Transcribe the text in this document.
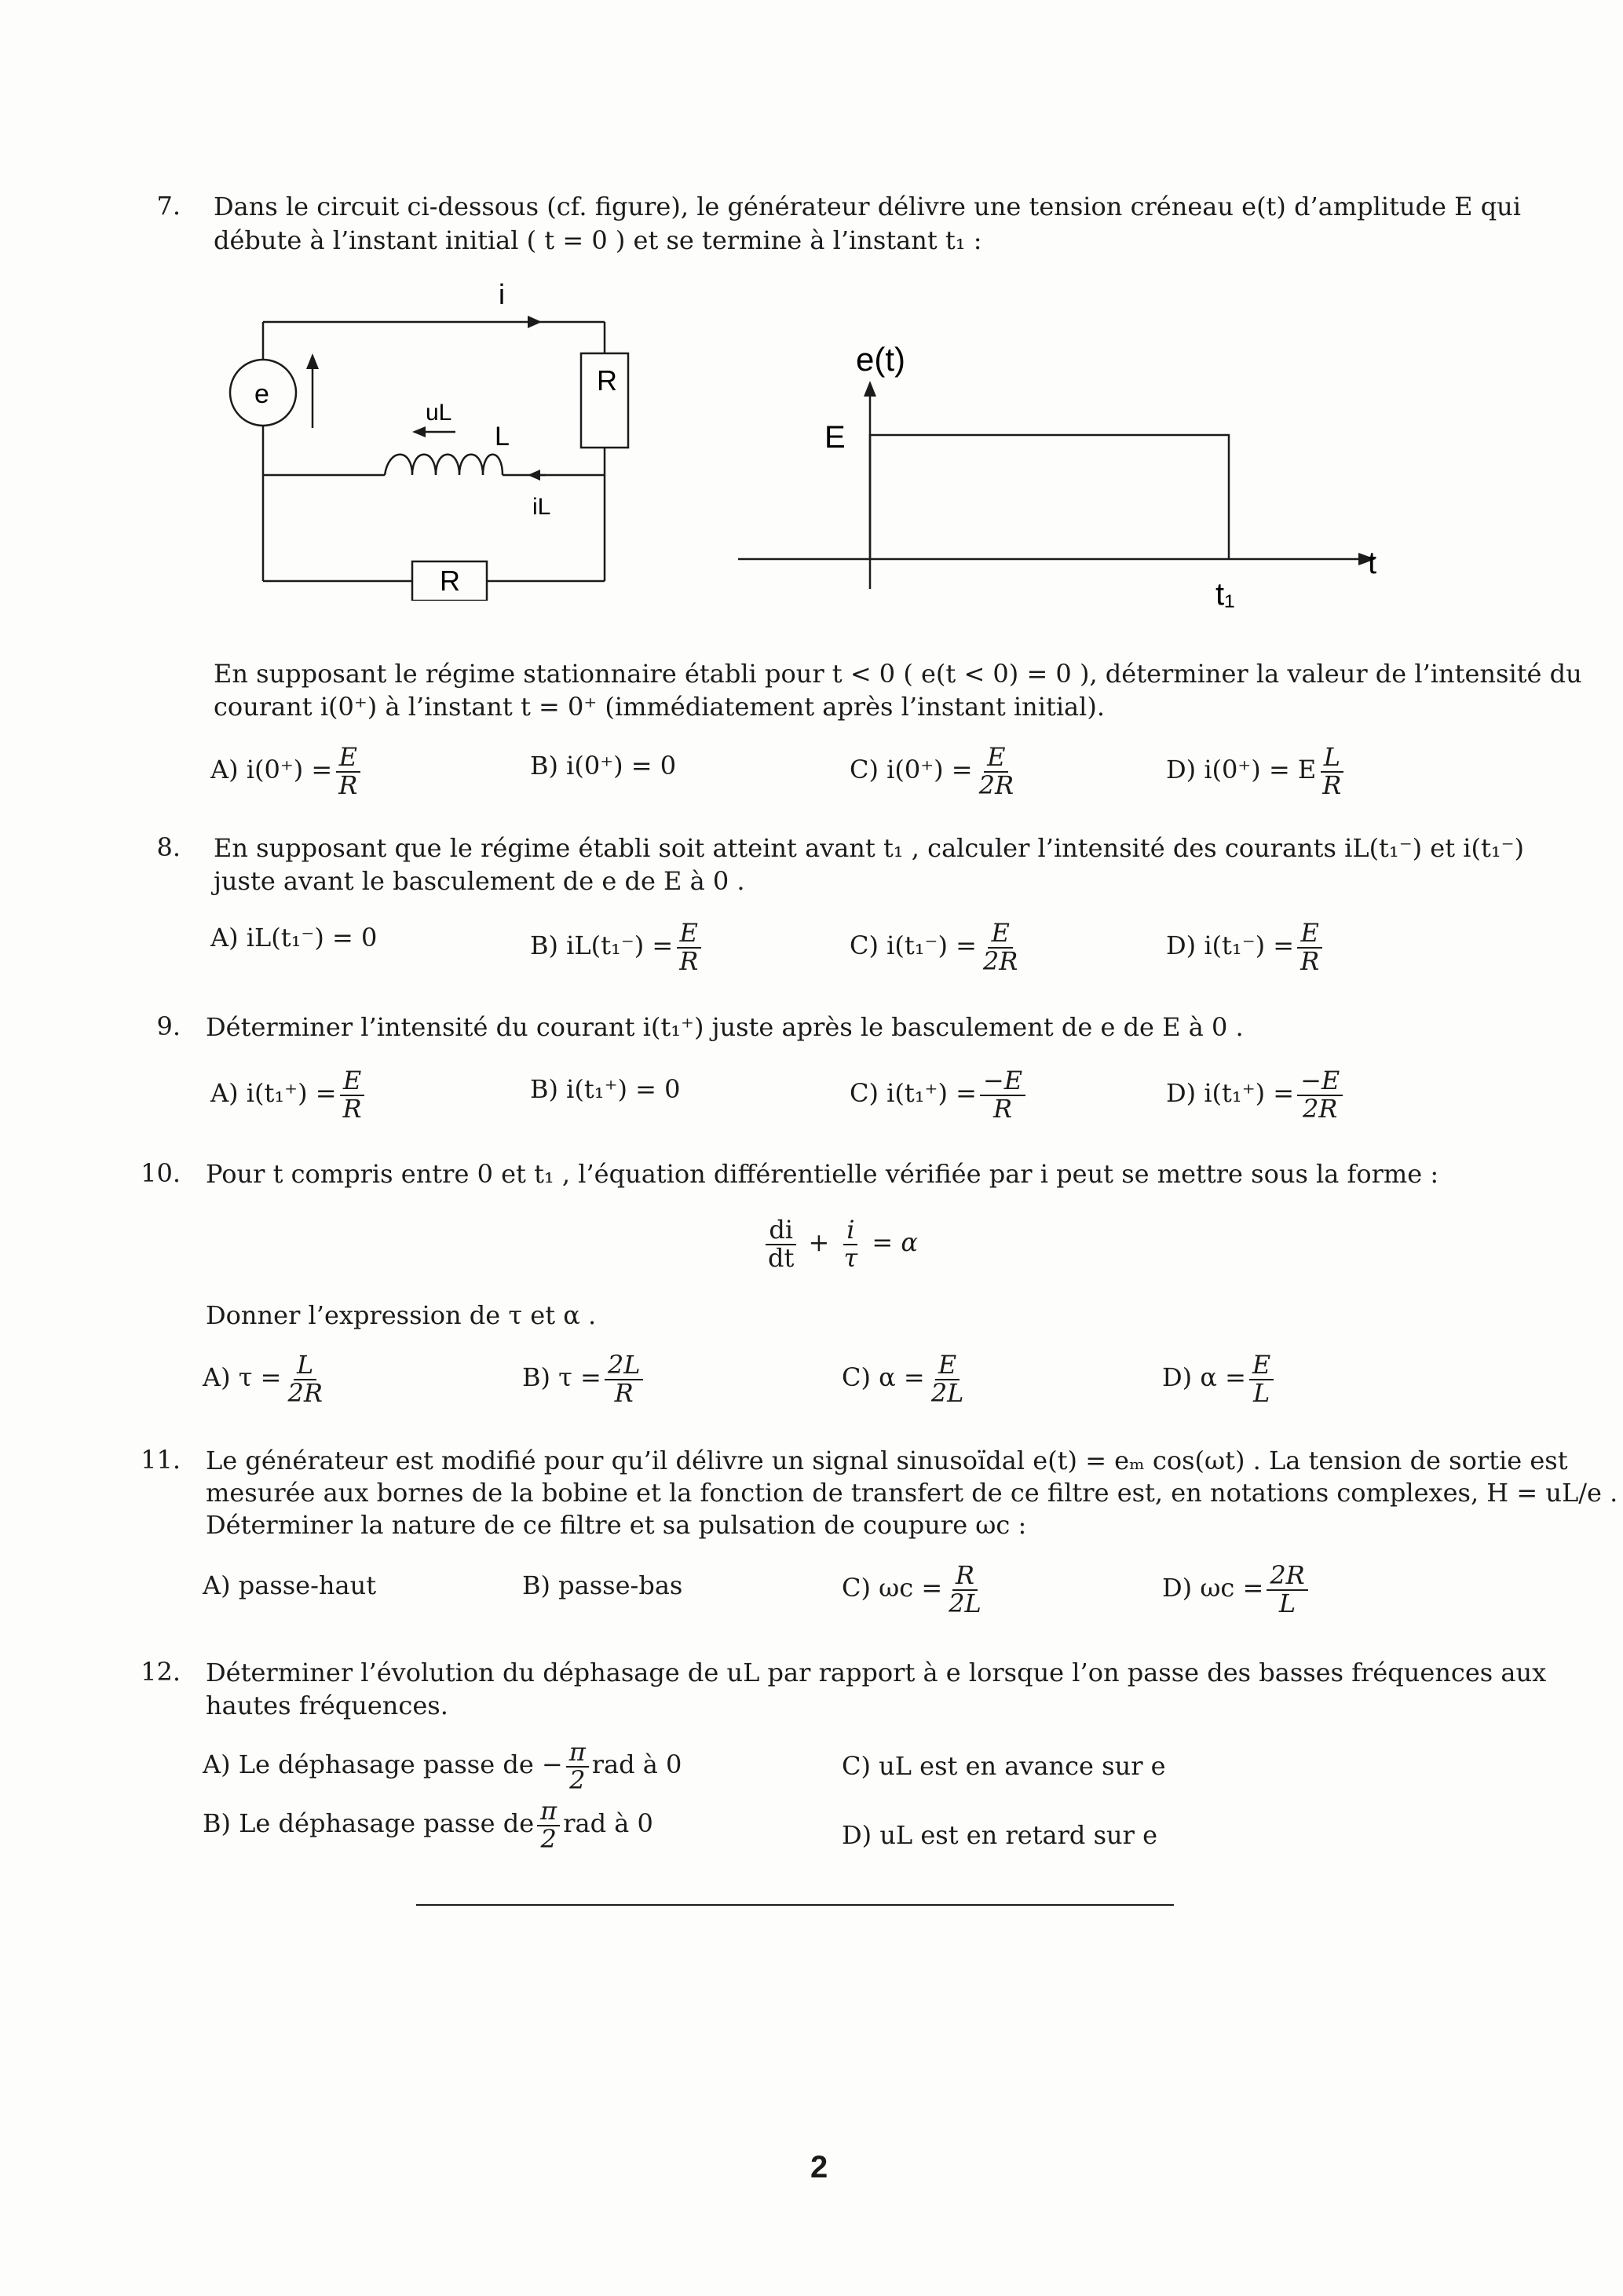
7. Dans le circuit ci-dessous (cf. figure), le générateur délivre une tension créneau e(t) d’amplitude E qui
débute à l’instant initial ( t = 0 ) et se termine à l’instant t₁ :
i
e
uL
L
iL
R
R
e(t)
E
t
t₁
En supposant le régime stationnaire établi pour t < 0 ( e(t < 0) = 0 ), déterminer la valeur de l’intensité du
courant i(0⁺) à l’instant t = 0⁺ (immédiatement après l’instant initial).
A) $i(0^+) = \frac{E}{R}$	B) i(0⁺) = 0	C) $i(0^+) = \frac{E}{2R}$	D) i(0⁺) = E $\frac{L}{R}$
8. En supposant que le régime établi soit atteint avant t₁ , calculer l’intensité des courants iL(t₁⁻) et i(t₁⁻)
juste avant le basculement de e de E à 0 .
A) iL(t₁⁻) = 0	B) $iL(t_1^-) = \frac{E}{R}$	C) $i(t_1^-) = \frac{E}{2R}$	D) $i(t_1^-) = \frac{E}{R}$
9. Déterminer l’intensité du courant i(t₁⁺) juste après le basculement de e de E à 0 .
A) $i(t_1^+) = \frac{E}{R}$	B) i(t₁⁺) = 0	C) $i(t_1^+) = \frac{-E}{R}$	D) $i(t_1^+) = \frac{-E}{2R}$
10. Pour t compris entre 0 et t₁ , l’équation différentielle vérifiée par i peut se mettre sous la forme :
$\frac{di}{dt} + \frac{i}{\tau} = \alpha$
Donner l’expression de τ et α .
A) $\tau = \frac{L}{2R}$	B) $\tau = \frac{2L}{R}$	C) $\alpha = \frac{E}{2L}$	D) $\alpha = \frac{E}{L}$
11. Le générateur est modifié pour qu’il délivre un signal sinusoïdal e(t) = eₘ cos(ωt) . La tension de sortie est
mesurée aux bornes de la bobine et la fonction de transfert de ce filtre est, en notations complexes, H = uL/e .
Déterminer la nature de ce filtre et sa pulsation de coupure ωc :
A) passe-haut	B) passe-bas	C) $\omega c = \frac{R}{2L}$	D) $\omega c = \frac{2R}{L}$
12. Déterminer l’évolution du déphasage de uL par rapport à e lorsque l’on passe des basses fréquences aux
hautes fréquences.
A) Le déphasage passe de − $\frac{\pi}{2}$ rad à 0
B) Le déphasage passe de $\frac{\pi}{2}$ rad à 0
C) uL est en avance sur e
D) uL est en retard sur e
2
